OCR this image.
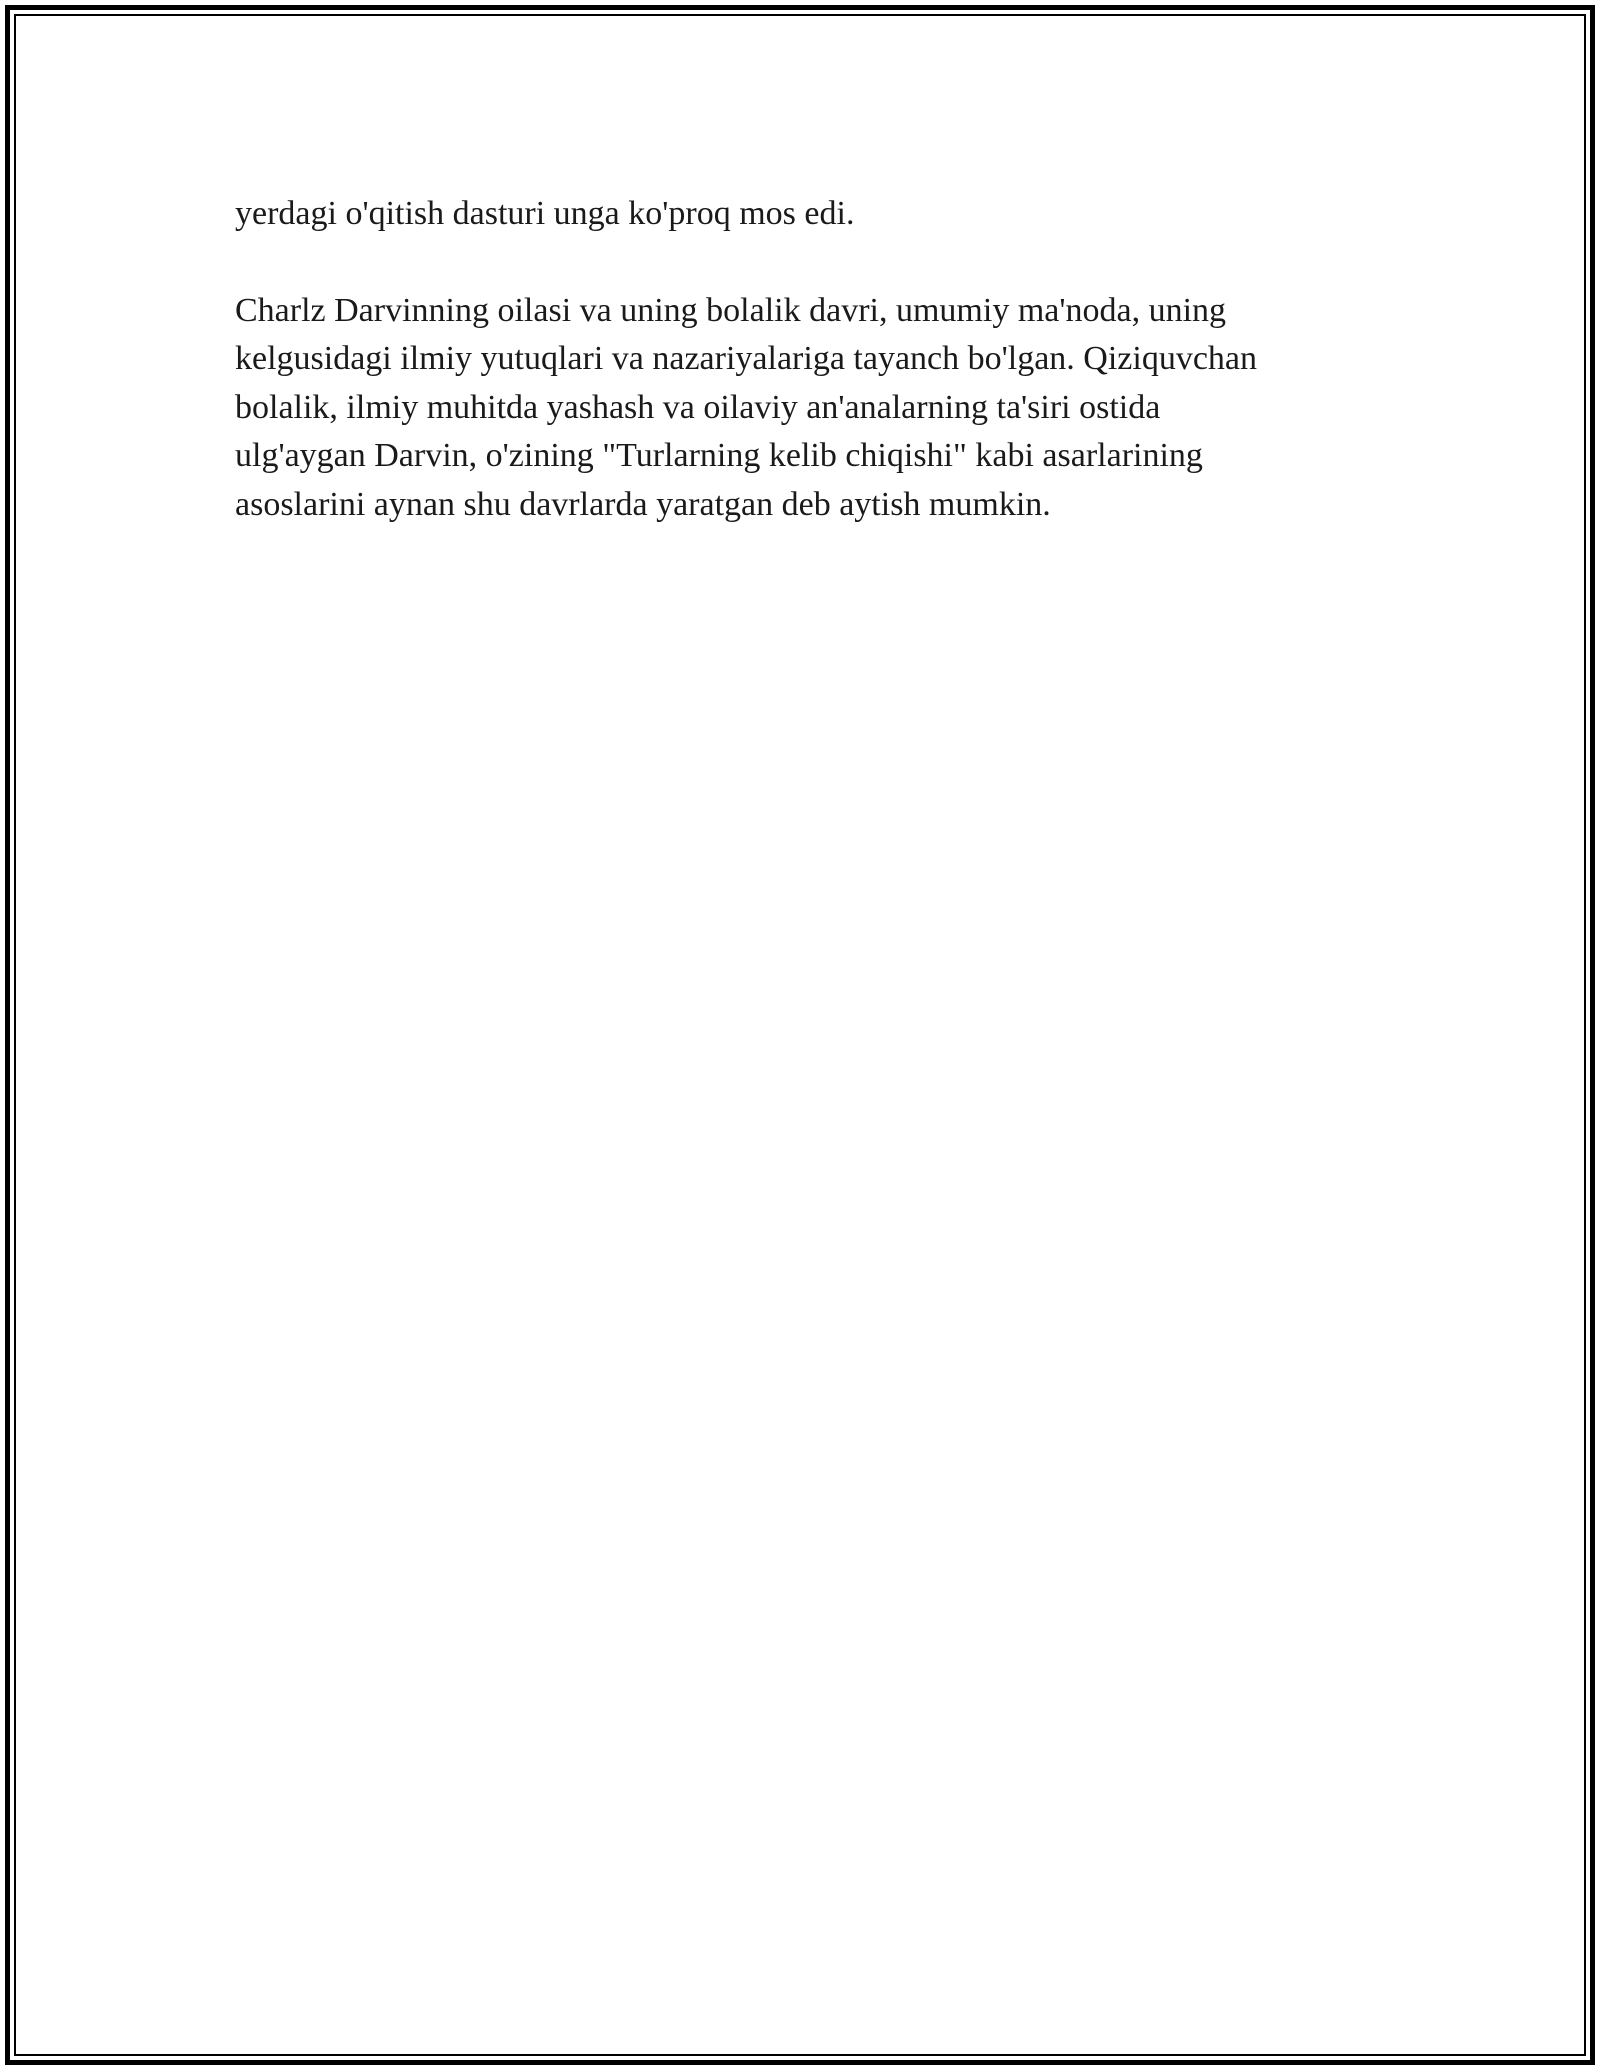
yerdagi o'qitish dasturi unga ko'proq mos edi.

Charlz Darvinning oilasi va uning bolalik davri, umumiy ma'noda, uning
kelgusidagi ilmiy yutuqlari va nazariyalariga tayanch bo'lgan. Qiziquvchan
bolalik, ilmiy muhitda yashash va oilaviy an'analarning ta'siri ostida
ulg'aygan Darvin, o'zining "Turlarning kelib chiqishi" kabi asarlarining
asoslarini aynan shu davrlarda yaratgan deb aytish mumkin.
